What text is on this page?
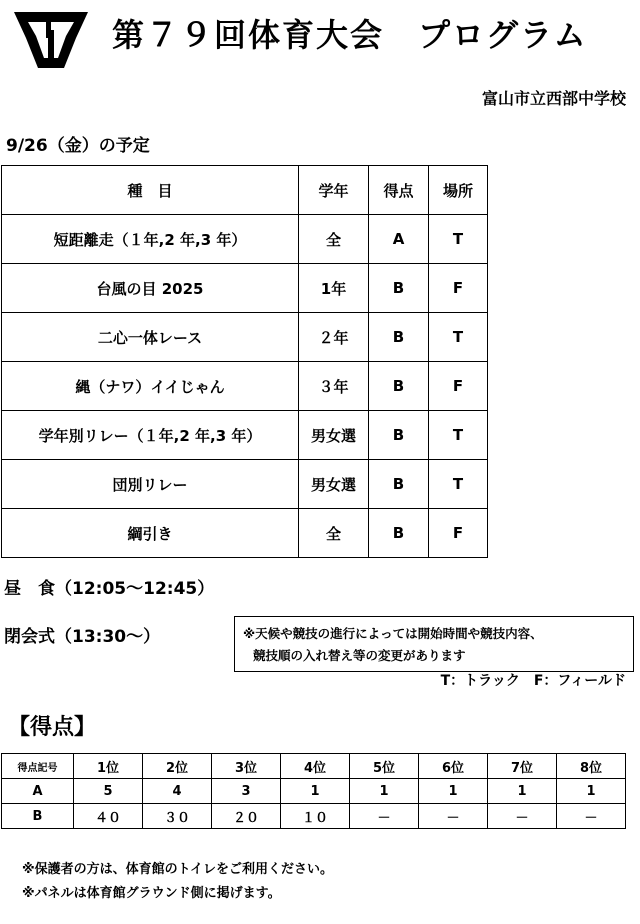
第７９回体育大会　プログラム
富山市立西部中学校
9/26（金）の予定
種　目	学年	得点	場所
短距離走（１年,2 年,3 年）	全	A	T
台風の目 2025	1年	B	F
二心一体レース	２年	B	T
縄（ナワ）イイじゃん	３年	B	F
学年別リレー（１年,2 年,3 年）	男女選	B	T
団別リレー	男女選	B	T
綱引き	全	B	F
昼　食（12:05～12:45）
閉会式（13:30～）	※天候や競技の進行によっては開始時間や競技内容、
競技順の入れ替え等の変更があります
T：トラック　F：フィールド
【得点】
得点記号	1位	2位	3位	4位	5位	6位	7位	8位
A	5	4	3	1	1	1	1	1
B	４０	３０	２０	１０	－	－	－	－
※保護者の方は、体育館のトイレをご利用ください。
※パネルは体育館グラウンド側に掲げます。
